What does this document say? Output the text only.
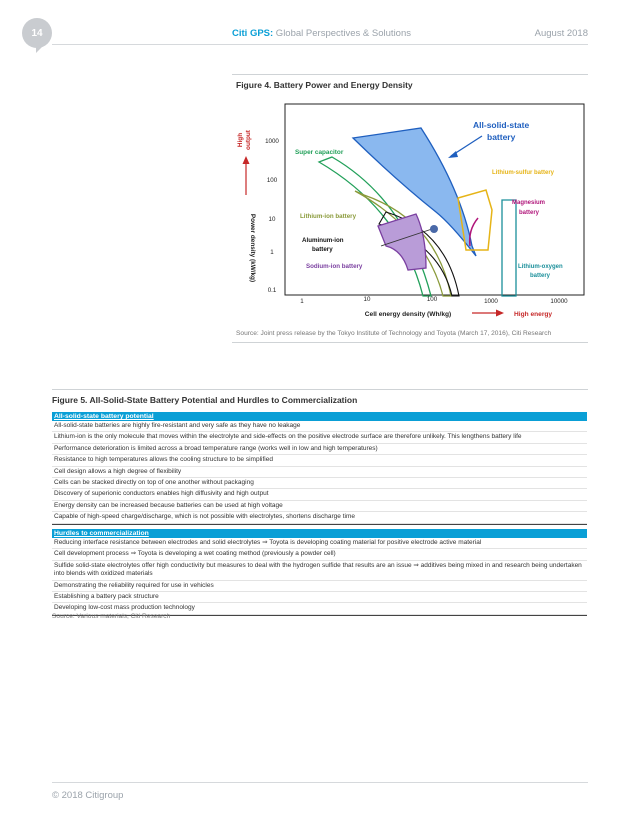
14	Citi GPS: Global Perspectives & Solutions	August 2018
Figure 4. Battery Power and Energy Density
All-solid-state
battery
Super capacitor
Lithium-sulfur battery
Magnesium
battery
Lithium-ion battery
Aluminum-ion
battery
Sodium-ion battery	Lithium-oxygen
battery
1000
100
10
1
0.1
1	10	100	1000	10000
Power density (kW/kg)
High output
Cell energy density (Wh/kg)	High energy
Source: Joint press release by the Tokyo Institute of Technology and Toyota (March 17, 2016), Citi Research
Figure 5. All-Solid-State Battery Potential and Hurdles to Commercialization
All-solid-state battery potential
All-solid-state batteries are highly fire-resistant and very safe as they have no leakage
Lithium-ion is the only molecule that moves within the electrolyte and side-effects on the positive electrode surface are therefore unlikely. This lengthens battery life
Performance deterioration is limited across a broad temperature range (works well in low and high temperatures)
Resistance to high temperatures allows the cooling structure to be simplified
Cell design allows a high degree of flexibility
Cells can be stacked directly on top of one another without packaging
Discovery of superionic conductors enables high diffusivity and high output
Energy density can be increased because batteries can be used at high voltage
Capable of high-speed charge/discharge, which is not possible with electrolytes, shortens discharge time
Hurdles to commercialization
Reducing interface resistance between electrodes and solid electrolytes ⇒ Toyota is developing coating material for positive electrode active material
Cell development process ⇒ Toyota is developing a wet coating method (previously a powder cell)
Sulfide solid-state electrolytes offer high conductivity but measures to deal with the hydrogen sulfide that results are an issue ⇒ additives being mixed in and research being undertaken into blends with oxidized materials
Demonstrating the reliability required for use in vehicles
Establishing a battery pack structure
Developing low-cost mass production technology
Source: Various materials, Citi Research
© 2018 Citigroup
